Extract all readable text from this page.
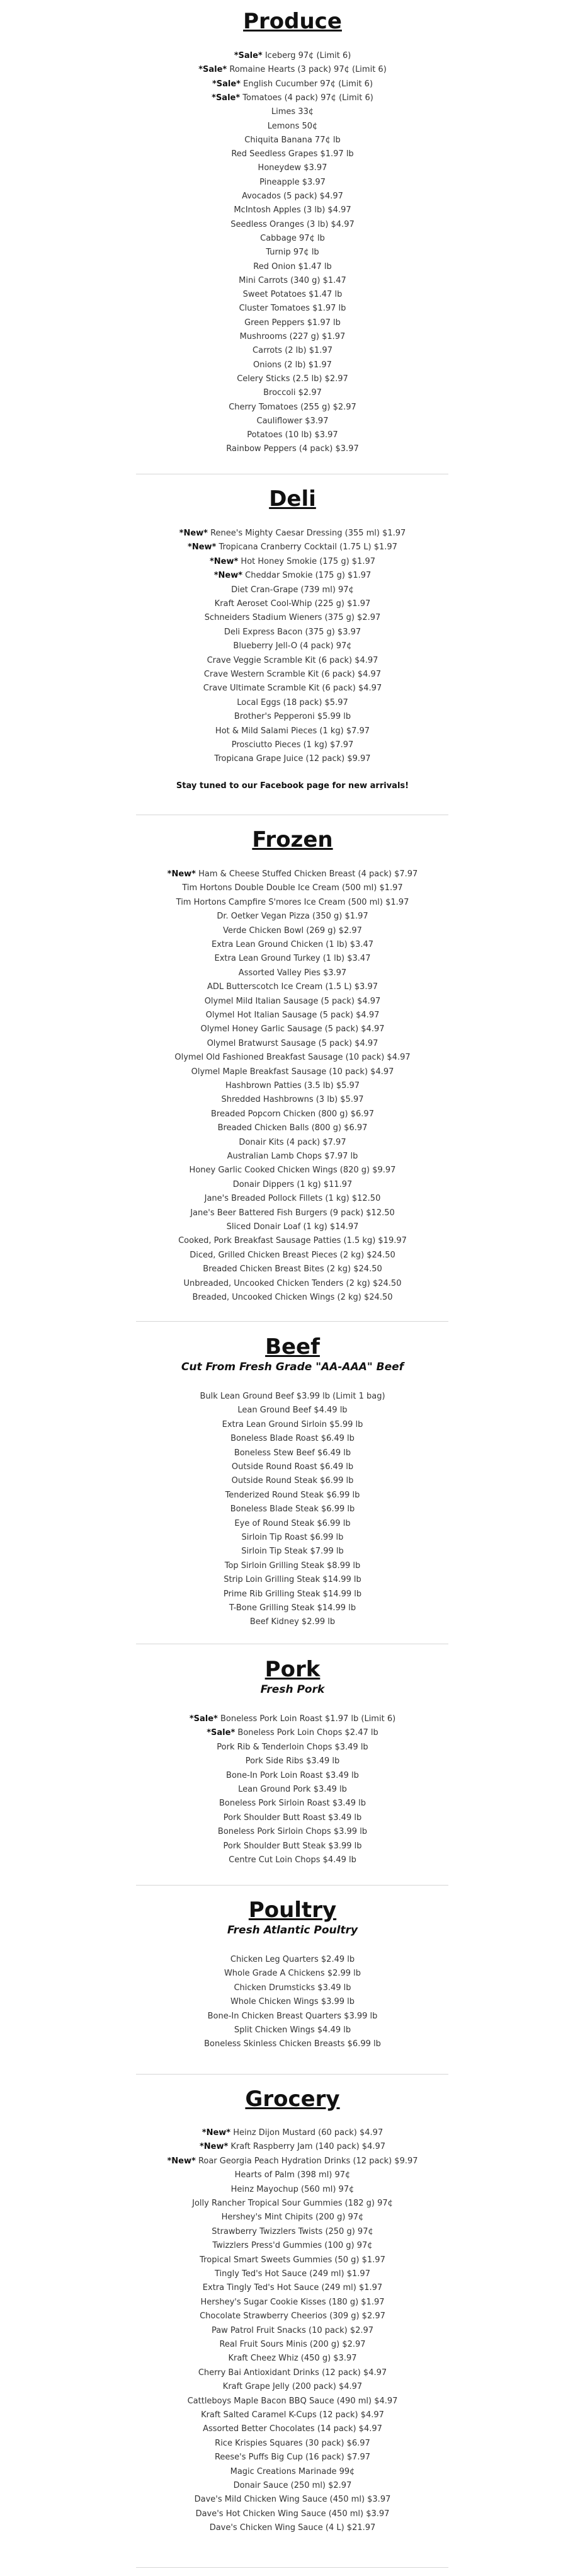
Produce
*Sale* Iceberg 97¢ (Limit 6)
*Sale* Romaine Hearts (3 pack) 97¢ (Limit 6)
*Sale* English Cucumber 97¢ (Limit 6)
*Sale* Tomatoes (4 pack) 97¢ (Limit 6)
Limes 33¢
Lemons 50¢
Chiquita Banana 77¢ lb
Red Seedless Grapes $1.97 lb
Honeydew $3.97
Pineapple $3.97
Avocados (5 pack) $4.97
McIntosh Apples (3 lb) $4.97
Seedless Oranges (3 lb) $4.97
Cabbage 97¢ lb
Turnip 97¢ lb
Red Onion $1.47 lb
Mini Carrots (340 g) $1.47
Sweet Potatoes $1.47 lb
Cluster Tomatoes $1.97 lb
Green Peppers $1.97 lb
Mushrooms (227 g) $1.97
Carrots (2 lb) $1.97
Onions (2 lb) $1.97
Celery Sticks (2.5 lb) $2.97
Broccoli $2.97
Cherry Tomatoes (255 g) $2.97
Cauliflower $3.97
Potatoes (10 lb) $3.97
Rainbow Peppers (4 pack) $3.97
Deli
*New* Renee's Mighty Caesar Dressing (355 ml) $1.97
*New* Tropicana Cranberry Cocktail (1.75 L) $1.97
*New* Hot Honey Smokie (175 g) $1.97
*New* Cheddar Smokie (175 g) $1.97
Diet Cran-Grape (739 ml) 97¢
Kraft Aeroset Cool-Whip (225 g) $1.97
Schneiders Stadium Wieners (375 g) $2.97
Deli Express Bacon (375 g) $3.97
Blueberry Jell-O (4 pack) 97¢
Crave Veggie Scramble Kit (6 pack) $4.97
Crave Western Scramble Kit (6 pack) $4.97
Crave Ultimate Scramble Kit (6 pack) $4.97
Local Eggs (18 pack) $5.97
Brother's Pepperoni $5.99 lb
Hot & Mild Salami Pieces (1 kg) $7.97
Prosciutto Pieces (1 kg) $7.97
Tropicana Grape Juice (12 pack) $9.97

Stay tuned to our Facebook page for new arrivals!

Frozen
*New* Ham & Cheese Stuffed Chicken Breast (4 pack) $7.97
Tim Hortons Double Double Ice Cream (500 ml) $1.97
Tim Hortons Campfire S'mores Ice Cream (500 ml) $1.97
Dr. Oetker Vegan Pizza (350 g) $1.97
Verde Chicken Bowl (269 g) $2.97
Extra Lean Ground Chicken (1 lb) $3.47
Extra Lean Ground Turkey (1 lb) $3.47
Assorted Valley Pies $3.97
ADL Butterscotch Ice Cream (1.5 L) $3.97
Olymel Mild Italian Sausage (5 pack) $4.97
Olymel Hot Italian Sausage (5 pack) $4.97
Olymel Honey Garlic Sausage (5 pack) $4.97
Olymel Bratwurst Sausage (5 pack) $4.97
Olymel Old Fashioned Breakfast Sausage (10 pack) $4.97
Olymel Maple Breakfast Sausage (10 pack) $4.97
Hashbrown Patties (3.5 lb) $5.97
Shredded Hashbrowns (3 lb) $5.97
Breaded Popcorn Chicken (800 g) $6.97
Breaded Chicken Balls (800 g) $6.97
Donair Kits (4 pack) $7.97
Australian Lamb Chops $7.97 lb
Honey Garlic Cooked Chicken Wings (820 g) $9.97
Donair Dippers (1 kg) $11.97
Jane's Breaded Pollock Fillets (1 kg) $12.50
Jane's Beer Battered Fish Burgers (9 pack) $12.50
Sliced Donair Loaf (1 kg) $14.97
Cooked, Pork Breakfast Sausage Patties (1.5 kg) $19.97
Diced, Grilled Chicken Breast Pieces (2 kg) $24.50
Breaded Chicken Breast Bites (2 kg) $24.50
Unbreaded, Uncooked Chicken Tenders (2 kg) $24.50
Breaded, Uncooked Chicken Wings (2 kg) $24.50
Beef

Cut From Fresh Grade "AA-AAA" Beef

Bulk Lean Ground Beef $3.99 lb (Limit 1 bag)
Lean Ground Beef $4.49 lb
Extra Lean Ground Sirloin $5.99 lb
Boneless Blade Roast $6.49 lb
Boneless Stew Beef $6.49 lb
Outside Round Roast $6.49 lb
Outside Round Steak $6.99 lb
Tenderized Round Steak $6.99 lb
Boneless Blade Steak $6.99 lb
Eye of Round Steak $6.99 lb
Sirloin Tip Roast $6.99 lb
Sirloin Tip Steak $7.99 lb
Top Sirloin Grilling Steak $8.99 lb
Strip Loin Grilling Steak $14.99 lb
Prime Rib Grilling Steak $14.99 lb
T-Bone Grilling Steak $14.99 lb
Beef Kidney $2.99 lb
Pork

Fresh Pork

*Sale* Boneless Pork Loin Roast $1.97 lb (Limit 6)
*Sale* Boneless Pork Loin Chops $2.47 lb
Pork Rib & Tenderloin Chops $3.49 lb
Pork Side Ribs $3.49 lb
Bone-In Pork Loin Roast $3.49 lb
Lean Ground Pork $3.49 lb
Boneless Pork Sirloin Roast $3.49 lb
Pork Shoulder Butt Roast $3.49 lb
Boneless Pork Sirloin Chops $3.99 lb
Pork Shoulder Butt Steak $3.99 lb
Centre Cut Loin Chops $4.49 lb
Poultry

Fresh Atlantic Poultry

Chicken Leg Quarters $2.49 lb
Whole Grade A Chickens $2.99 lb
Chicken Drumsticks $3.49 lb
Whole Chicken Wings $3.99 lb
Bone-In Chicken Breast Quarters $3.99 lb
Split Chicken Wings $4.49 lb
Boneless Skinless Chicken Breasts $6.99 lb
Grocery
*New* Heinz Dijon Mustard (60 pack) $4.97
*New* Kraft Raspberry Jam (140 pack) $4.97
*New* Roar Georgia Peach Hydration Drinks (12 pack) $9.97
Hearts of Palm (398 ml) 97¢
Heinz Mayochup (560 ml) 97¢
Jolly Rancher Tropical Sour Gummies (182 g) 97¢
Hershey's Mint Chipits (200 g) 97¢
Strawberry Twizzlers Twists (250 g) 97¢
Twizzlers Press'd Gummies (100 g) 97¢
Tropical Smart Sweets Gummies (50 g) $1.97
Tingly Ted's Hot Sauce (249 ml) $1.97
Extra Tingly Ted's Hot Sauce (249 ml) $1.97
Hershey's Sugar Cookie Kisses (180 g) $1.97
Chocolate Strawberry Cheerios (309 g) $2.97
Paw Patrol Fruit Snacks (10 pack) $2.97
Real Fruit Sours Minis (200 g) $2.97
Kraft Cheez Whiz (450 g) $3.97
Cherry Bai Antioxidant Drinks (12 pack) $4.97
Kraft Grape Jelly (200 pack) $4.97
Cattleboys Maple Bacon BBQ Sauce (490 ml) $4.97
Kraft Salted Caramel K-Cups (12 pack) $4.97
Assorted Better Chocolates (14 pack) $4.97
Rice Krispies Squares (30 pack) $6.97
Reese's Puffs Big Cup (16 pack) $7.97
Magic Creations Marinade 99¢
Donair Sauce (250 ml) $2.97
Dave's Mild Chicken Wing Sauce (450 ml) $3.97
Dave's Hot Chicken Wing Sauce (450 ml) $3.97
Dave's Chicken Wing Sauce (4 L) $21.97
